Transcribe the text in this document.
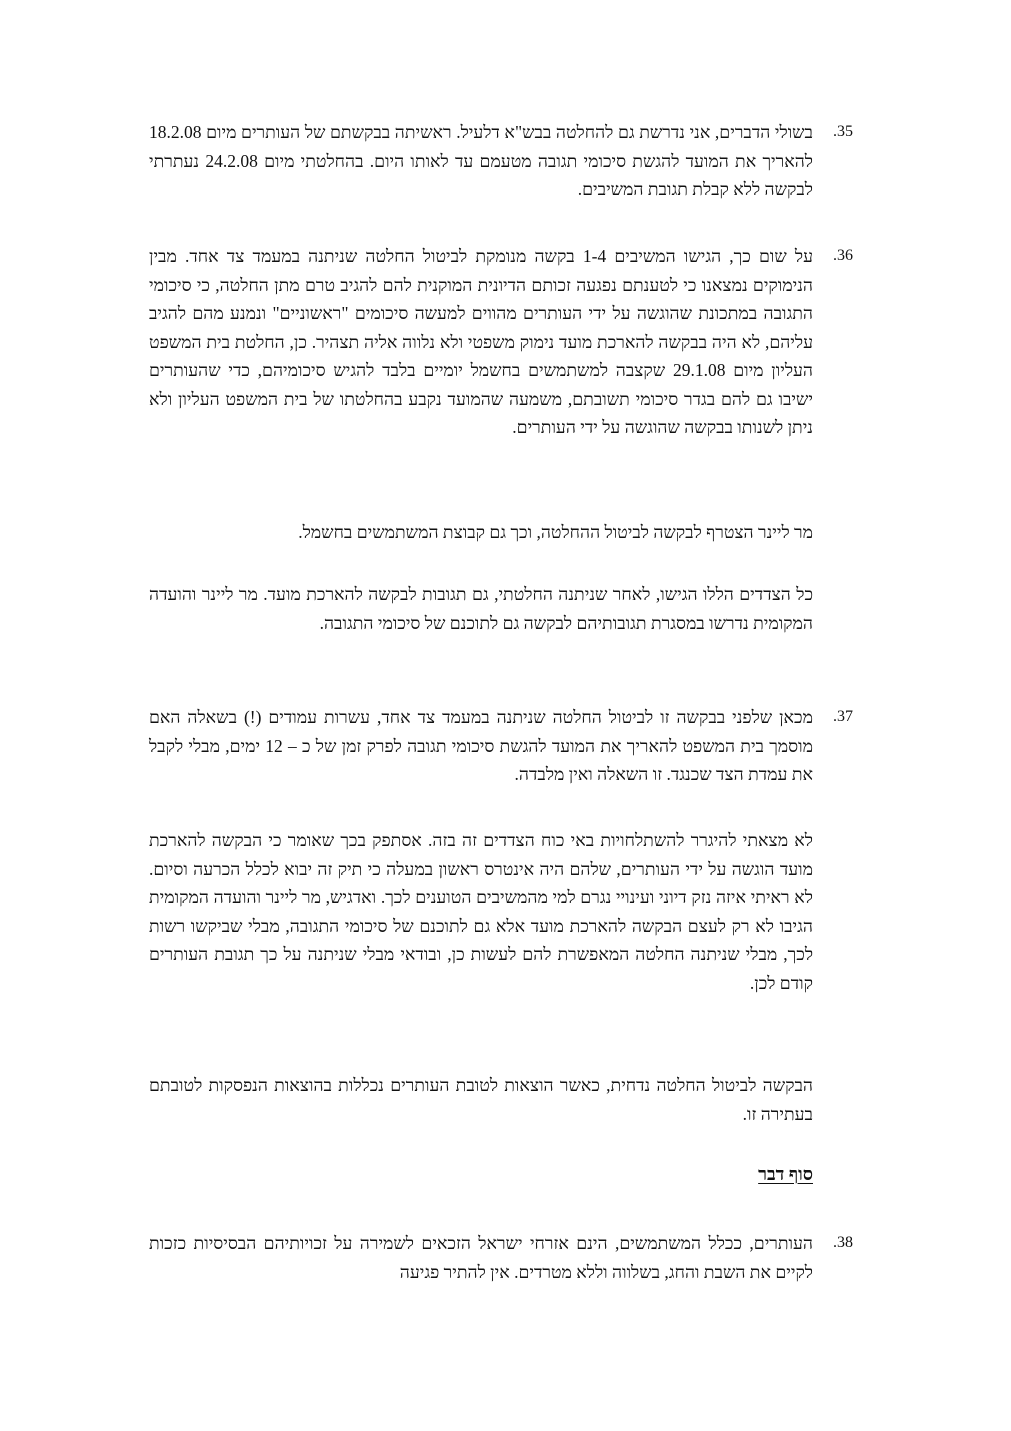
.35
בשולי הדברים, אני נדרשת גם להחלטה בבש"א דלעיל. ראשיתה בבקשתם של העותרים מיום 18.2.08 להאריך את המועד להגשת סיכומי תגובה מטעמם עד לאותו היום. בהחלטתי מיום 24.2.08 נעתרתי לבקשה ללא קבלת תגובת המשיבים.
.36
על שום כך, הגישו המשיבים 1-4 בקשה מנומקת לביטול החלטה שניתנה במעמד צד אחד. מבין הנימוקים נמצאנו כי לטענתם נפגעה זכותם הדיונית המוקנית להם להגיב טרם מתן החלטה, כי סיכומי התגובה במתכונת שהוגשה על ידי העותרים מהווים למעשה סיכומים "ראשוניים" ונמנע מהם להגיב עליהם, לא היה בבקשה להארכת מועד נימוק משפטי ולא נלווה אליה תצהיר. כן, החלטת בית המשפט העליון מיום 29.1.08 שקצבה למשתמשים בחשמל יומיים בלבד להגיש סיכומיהם, כדי שהעותרים ישיבו גם להם בגדר סיכומי תשובתם, משמעה שהמועד נקבע בהחלטתו של בית המשפט העליון ולא ניתן לשנותו בבקשה שהוגשה על ידי העותרים.
מר ליינר הצטרף לבקשה לביטול ההחלטה, וכך גם קבוצת המשתמשים בחשמל.
כל הצדדים הללו הגישו, לאחר שניתנה החלטתי, גם תגובות לבקשה להארכת מועד. מר ליינר והועדה המקומית נדרשו במסגרת תגובותיהם לבקשה גם לתוכנם של סיכומי התגובה.
.37
מכאן שלפני בבקשה זו לביטול החלטה שניתנה במעמד צד אחד, עשרות עמודים (!) בשאלה האם מוסמך בית המשפט להאריך את המועד להגשת סיכומי תגובה לפרק זמן של כ – 12 ימים, מבלי לקבל את עמדת הצד שכנגד. זו השאלה ואין מלבדה.
לא מצאתי להיגרר להשתלחויות באי כוח הצדדים זה בזה. אסתפק בכך שאומר כי הבקשה להארכת מועד הוגשה על ידי העותרים, שלהם היה אינטרס ראשון במעלה כי תיק זה יבוא לכלל הכרעה וסיום. לא ראיתי איזה נזק דיוני ועינויי נגרם למי מהמשיבים הטוענים לכך. ואדגיש, מר ליינר והועדה המקומית הגיבו לא רק לעצם הבקשה להארכת מועד אלא גם לתוכנם של סיכומי התגובה, מבלי שביקשו רשות לכך, מבלי שניתנה החלטה המאפשרת להם לעשות כן, ובודאי מבלי שניתנה על כך תגובת העותרים קודם לכן.
הבקשה לביטול החלטה נדחית, כאשר הוצאות לטובת העותרים נכללות בהוצאות הנפסקות לטובתם בעתירה זו.
סוף דבר
.38
העותרים, ככלל המשתמשים, הינם אזרחי ישראל הזכאים לשמירה על זכויותיהם הבסיסיות כזכות לקיים את השבת והחג, בשלווה וללא מטרדים. אין להתיר פגיעה
